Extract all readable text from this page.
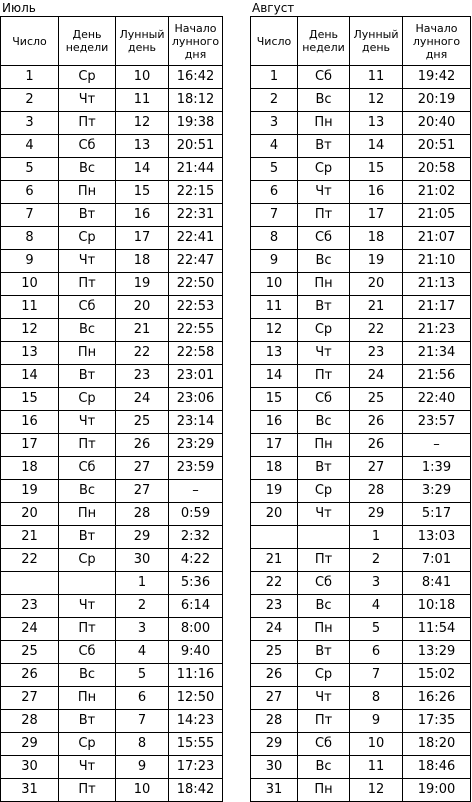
Июль
Число	День недели	Лунный день	Начало лунного дня
1	Ср	10	16:42
2	Чт	11	18:12
3	Пт	12	19:38
4	Сб	13	20:51
5	Вс	14	21:44
6	Пн	15	22:15
7	Вт	16	22:31
8	Ср	17	22:41
9	Чт	18	22:47
10	Пт	19	22:50
11	Сб	20	22:53
12	Вс	21	22:55
13	Пн	22	22:58
14	Вт	23	23:01
15	Ср	24	23:06
16	Чт	25	23:14
17	Пт	26	23:29
18	Сб	27	23:59
19	Вс	27	–
20	Пн	28	0:59
21	Вт	29	2:32
22	Ср	30	4:22
		1	5:36
23	Чт	2	6:14
24	Пт	3	8:00
25	Сб	4	9:40
26	Вс	5	11:16
27	Пн	6	12:50
28	Вт	7	14:23
29	Ср	8	15:55
30	Чт	9	17:23
31	Пт	10	18:42
Август
Число	День недели	Лунный день	Начало лунного дня
1	Сб	11	19:42
2	Вс	12	20:19
3	Пн	13	20:40
4	Вт	14	20:51
5	Ср	15	20:58
6	Чт	16	21:02
7	Пт	17	21:05
8	Сб	18	21:07
9	Вс	19	21:10
10	Пн	20	21:13
11	Вт	21	21:17
12	Ср	22	21:23
13	Чт	23	21:34
14	Пт	24	21:56
15	Сб	25	22:40
16	Вс	26	23:57
17	Пн	26	–
18	Вт	27	1:39
19	Ср	28	3:29
20	Чт	29	5:17
		1	13:03
21	Пт	2	7:01
22	Сб	3	8:41
23	Вс	4	10:18
24	Пн	5	11:54
25	Вт	6	13:29
26	Ср	7	15:02
27	Чт	8	16:26
28	Пт	9	17:35
29	Сб	10	18:20
30	Вс	11	18:46
31	Пн	12	19:00
